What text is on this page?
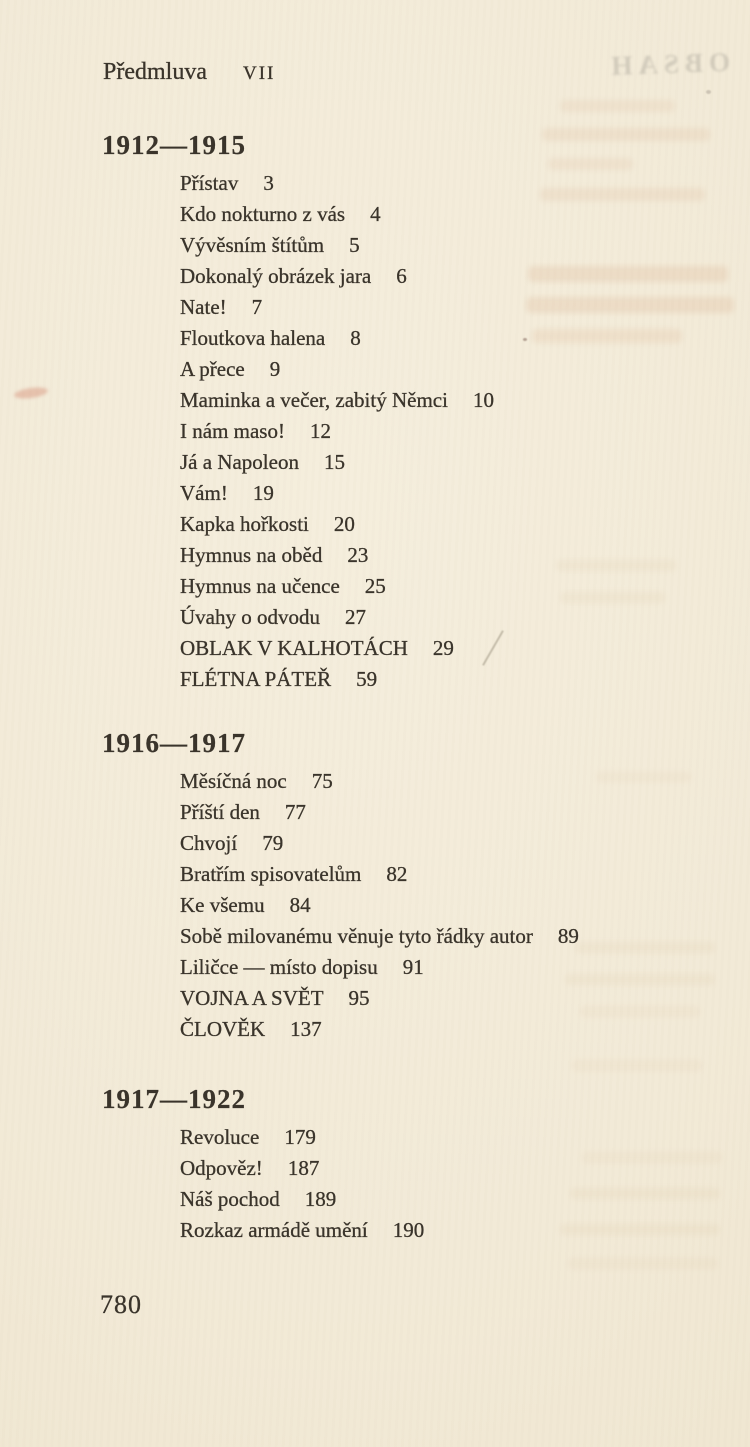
OBSAH
Předmluva VII
1912—1915
Přístav 3
Kdo nokturno z vás 4
Vývěsním štítům 5
Dokonalý obrázek jara 6
Nate! 7
Floutkova halena 8
A přece 9
Maminka a večer, zabitý Němci 10
I nám maso! 12
Já a Napoleon 15
Vám! 19
Kapka hořkosti 20
Hymnus na oběd 23
Hymnus na učence 25
Úvahy o odvodu 27
OBLAK V KALHOTÁCH 29
FLÉTNA PÁTEŘ 59
1916—1917
Měsíčná noc 75
Příští den 77
Chvojí 79
Bratřím spisovatelům 82
Ke všemu 84
Sobě milovanému věnuje tyto řádky autor 89
Liličce — místo dopisu 91
VOJNA A SVĚT 95
ČLOVĚK 137
1917—1922
Revoluce 179
Odpověz! 187
Náš pochod 189
Rozkaz armádě umění 190
780
